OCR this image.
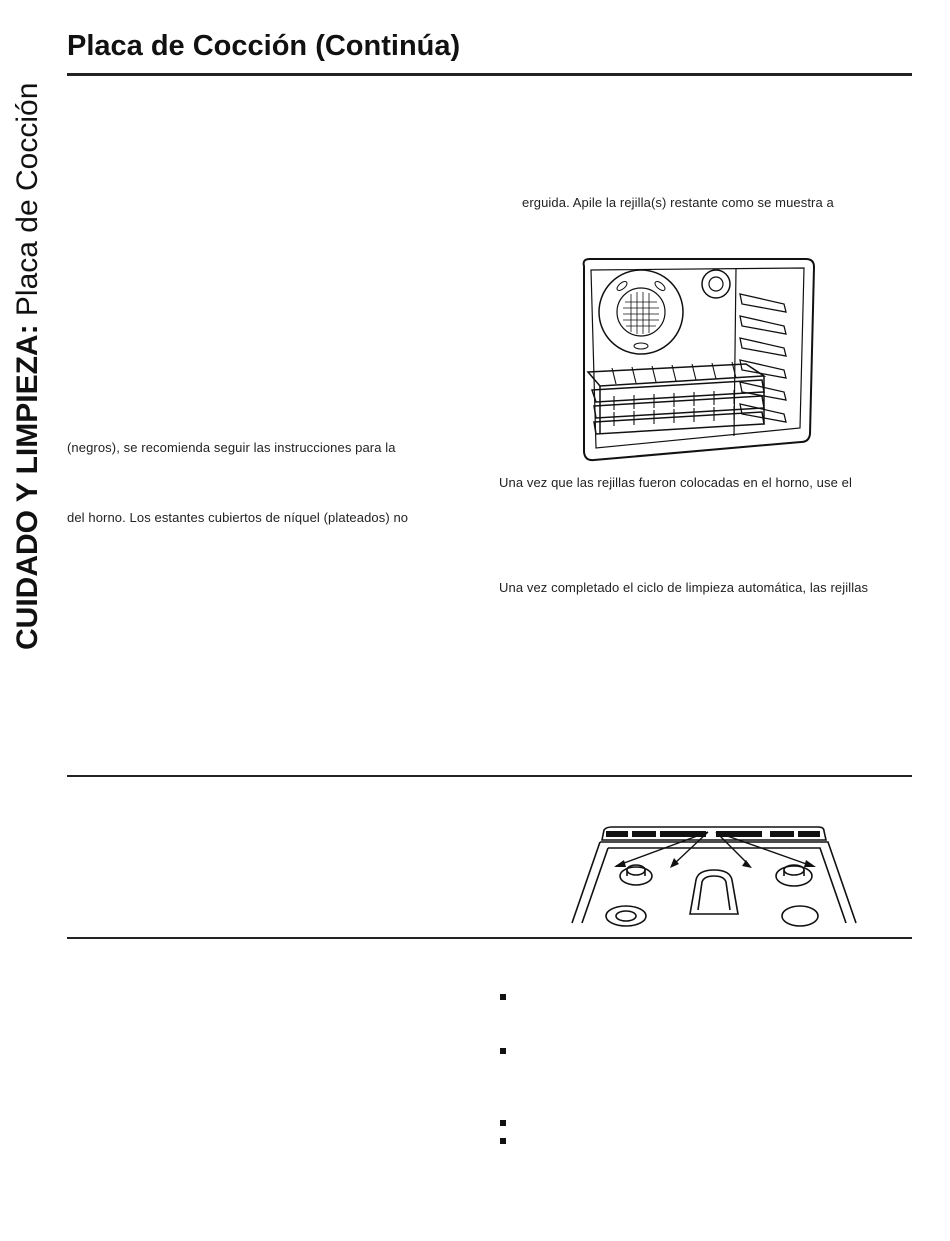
CUIDADO Y LIMPIEZA: Placa de Cocción
Placa de Cocción (Continúa)
erguida. Apile la rejilla(s) restante como se muestra a
(negros), se recomienda seguir las instrucciones para la
del horno. Los estantes cubiertos de níquel (plateados) no
Una vez que las rejillas fueron colocadas en el horno, use el
Una vez completado el ciclo de limpieza automática, las rejillas
